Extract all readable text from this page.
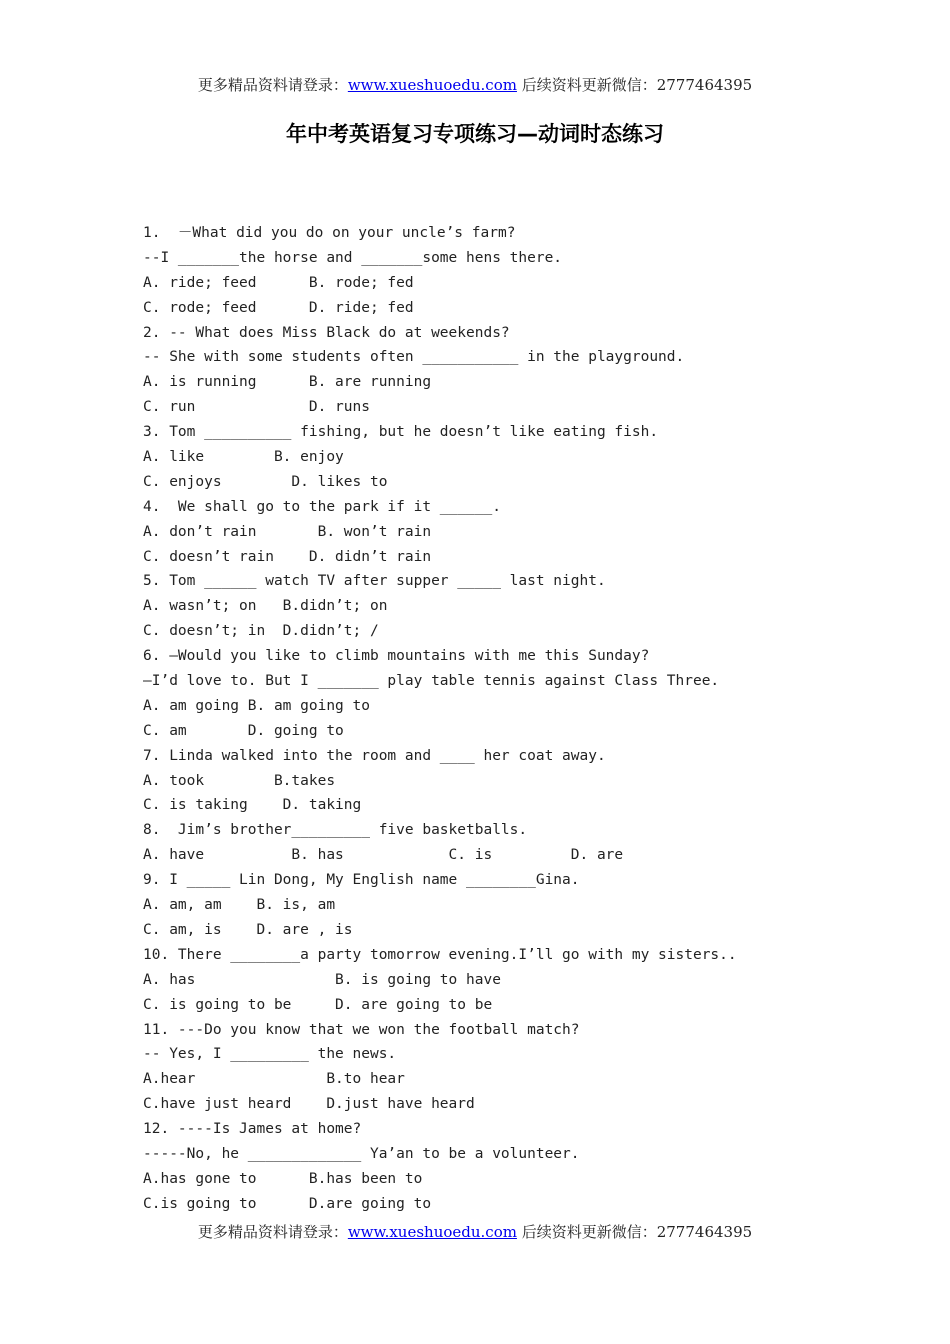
更多精品资料请登录：www.xueshuoedu.com 后续资料更新微信：2777464395
年中考英语复习专项练习—动词时态练习
1.  －What did you do on your uncle’s farm?
--I _______the horse and _______some hens there.
A. ride; feed      B. rode; fed
C. rode; feed      D. ride; fed
2. -- What does Miss Black do at weekends?
-- She with some students often ___________ in the playground.
A. is running      B. are running
C. run             D. runs
3. Tom __________ fishing, but he doesn’t like eating fish.
A. like        B. enjoy
C. enjoys        D. likes to
4.  We shall go to the park if it ______.
A. don’t rain       B. won’t rain
C. doesn’t rain    D. didn’t rain
5. Tom ______ watch TV after supper _____ last night.
A. wasn’t; on   B.didn’t; on
C. doesn’t; in  D.didn’t; /
6. —Would you like to climb mountains with me this Sunday?
—I’d love to. But I _______ play table tennis against Class Three.
A. am going B. am going to
C. am       D. going to
7. Linda walked into the room and ____ her coat away.
A. took        B.takes
C. is taking    D. taking
8.  Jim’s brother_________ five basketballs.
A. have          B. has            C. is         D. are
9. I _____ Lin Dong, My English name ________Gina.
A. am, am    B. is, am
C. am, is    D. are , is
10. There ________a party tomorrow evening.I’ll go with my sisters..
A. has                B. is going to have
C. is going to be     D. are going to be
11. ---Do you know that we won the football match?
-- Yes, I _________ the news.
A.hear               B.to hear
C.have just heard    D.just have heard
12. ----Is James at home?
-----No, he _____________ Ya’an to be a volunteer.
A.has gone to      B.has been to
C.is going to      D.are going to
更多精品资料请登录：www.xueshuoedu.com 后续资料更新微信：2777464395
